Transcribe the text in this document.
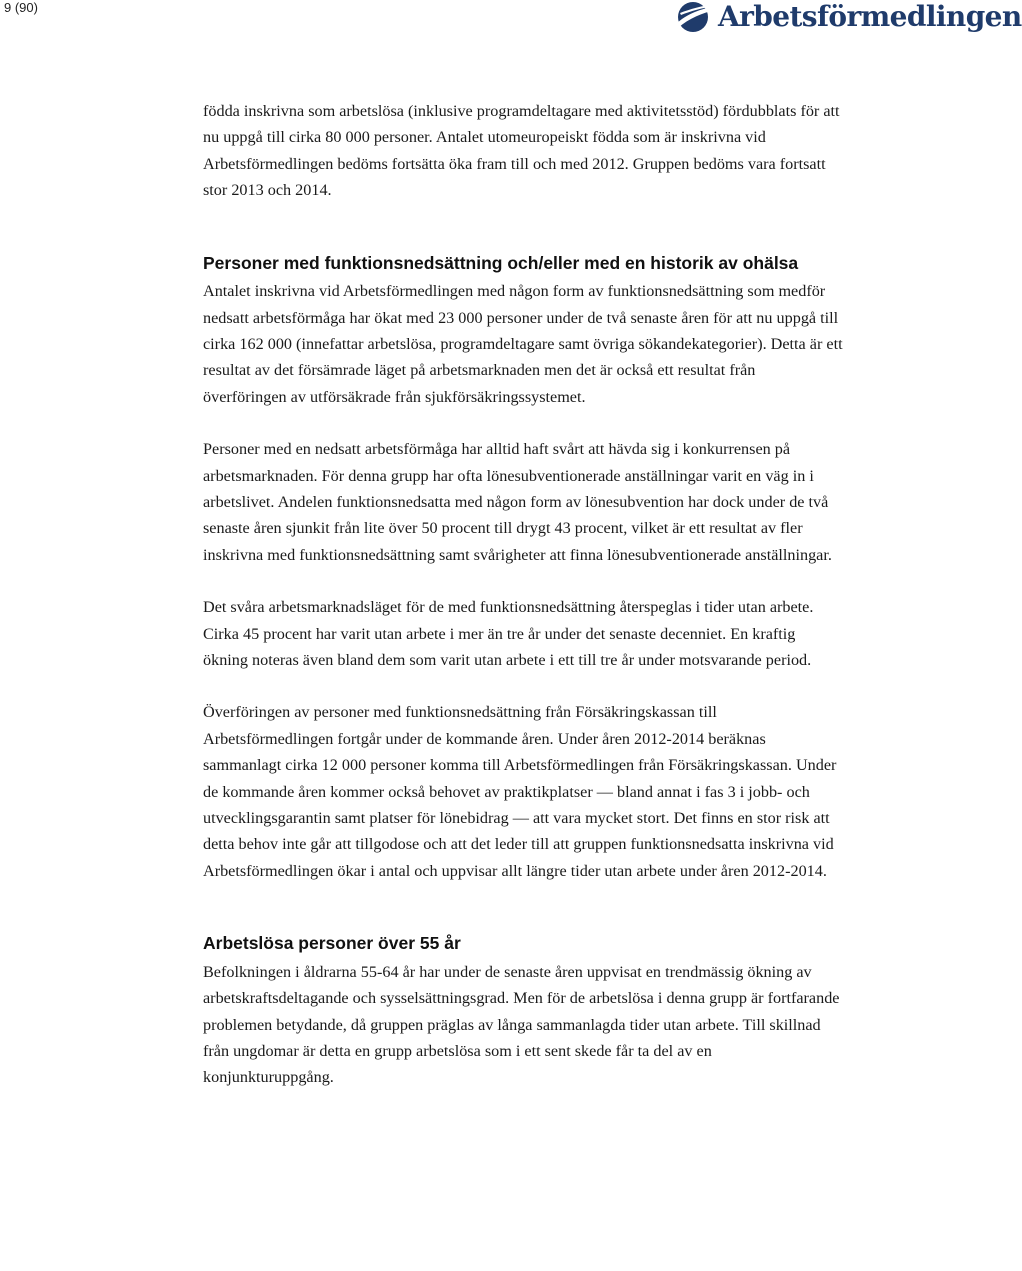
9 (90)	Arbetsförmedlingen

födda inskrivna som arbetslösa (inklusive programdeltagare med aktivitetsstöd) fördubblats för att nu uppgå till cirka 80 000 personer. Antalet utomeuropeiskt födda som är inskrivna vid Arbetsförmedlingen bedöms fortsätta öka fram till och med 2012. Gruppen bedöms vara fortsatt stor 2013 och 2014.

Personer med funktionsnedsättning och/eller med en historik av ohälsa

Antalet inskrivna vid Arbetsförmedlingen med någon form av funktionsnedsättning som medför nedsatt arbetsförmåga har ökat med 23 000 personer under de två senaste åren för att nu uppgå till cirka 162 000 (innefattar arbetslösa, programdeltagare samt övriga sökandekategorier). Detta är ett resultat av det försämrade läget på arbetsmarknaden men det är också ett resultat från överföringen av utförsäkrade från sjukförsäkringssystemet.

Personer med en nedsatt arbetsförmåga har alltid haft svårt att hävda sig i konkurrensen på arbetsmarknaden. För denna grupp har ofta lönesubventionerade anställningar varit en väg in i arbetslivet. Andelen funktionsnedsatta med någon form av lönesubvention har dock under de två senaste åren sjunkit från lite över 50 procent till drygt 43 procent, vilket är ett resultat av fler inskrivna med funktionsnedsättning samt svårigheter att finna lönesubventionerade anställningar.

Det svåra arbetsmarknadsläget för de med funktionsnedsättning återspeglas i tider utan arbete. Cirka 45 procent har varit utan arbete i mer än tre år under det senaste decenniet. En kraftig ökning noteras även bland dem som varit utan arbete i ett till tre år under motsvarande period.

Överföringen av personer med funktionsnedsättning från Försäkringskassan till Arbetsförmedlingen fortgår under de kommande åren. Under åren 2012-2014 beräknas sammanlagt cirka 12 000 personer komma till Arbetsförmedlingen från Försäkringskassan. Under de kommande åren kommer också behovet av praktikplatser — bland annat i fas 3 i jobb- och utvecklingsgarantin samt platser för lönebidrag — att vara mycket stort. Det finns en stor risk att detta behov inte går att tillgodose och att det leder till att gruppen funktionsnedsatta inskrivna vid Arbetsförmedlingen ökar i antal och uppvisar allt längre tider utan arbete under åren 2012-2014.

Arbetslösa personer över 55 år

Befolkningen i åldrarna 55-64 år har under de senaste åren uppvisat en trendmässig ökning av arbetskraftsdeltagande och sysselsättningsgrad. Men för de arbetslösa i denna grupp är fortfarande problemen betydande, då gruppen präglas av långa sammanlagda tider utan arbete. Till skillnad från ungdomar är detta en grupp arbetslösa som i ett sent skede får ta del av en konjunkturuppgång.
